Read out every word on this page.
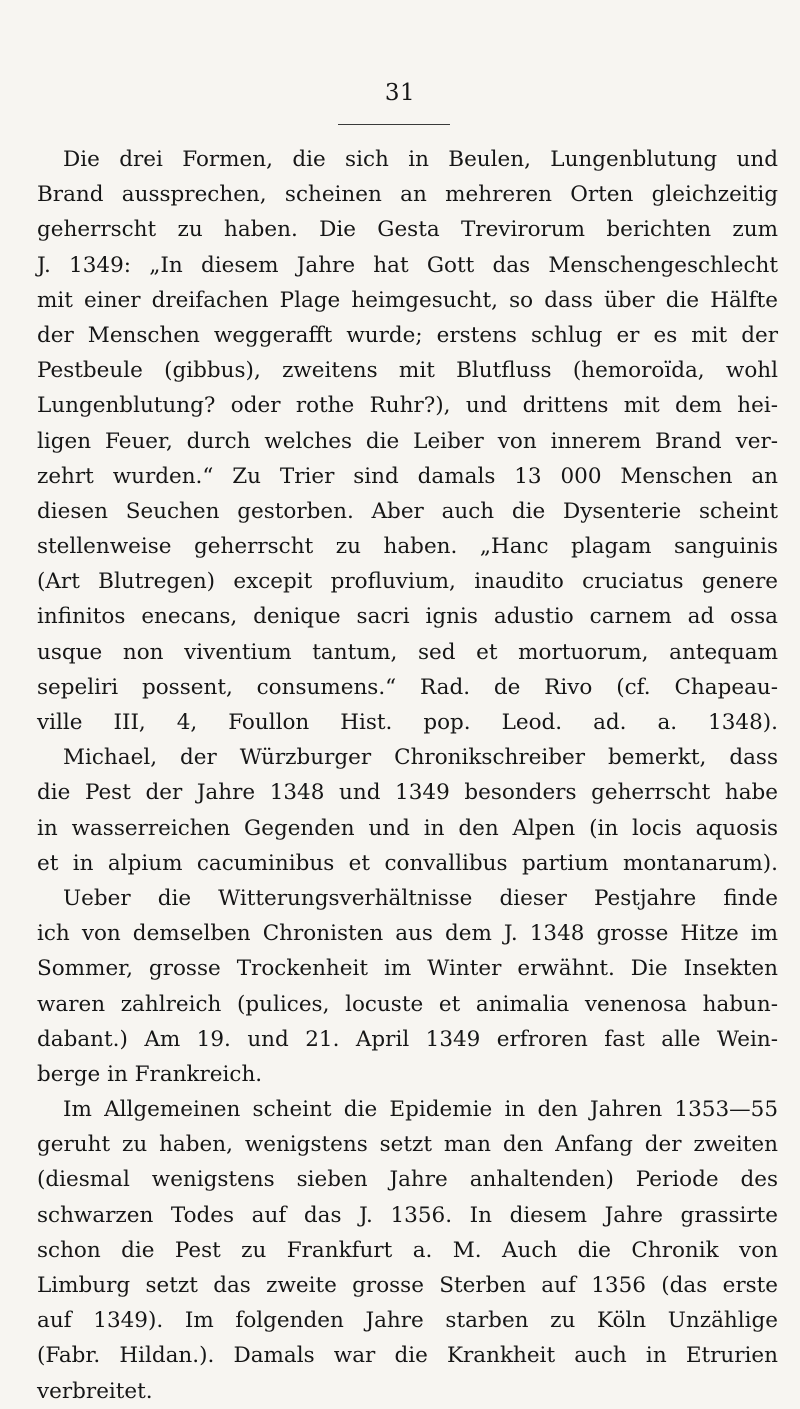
31
Die drei Formen, die sich in Beulen, Lungenblutung und
Brand aussprechen, scheinen an mehreren Orten gleichzeitig
geherrscht zu haben. Die Gesta Trevirorum berichten zum
J. 1349: „In diesem Jahre hat Gott das Menschengeschlecht
mit einer dreifachen Plage heimgesucht, so dass über die Hälfte
der Menschen weggerafft wurde; erstens schlug er es mit der
Pestbeule (gibbus), zweitens mit Blutfluss (hemoroïda, wohl
Lungenblutung? oder rothe Ruhr?), und drittens mit dem hei-
ligen Feuer, durch welches die Leiber von innerem Brand ver-
zehrt wurden.“ Zu Trier sind damals 13 000 Menschen an
diesen Seuchen gestorben. Aber auch die Dysenterie scheint
stellenweise geherrscht zu haben. „Hanc plagam sanguinis
(Art Blutregen) excepit profluvium, inaudito cruciatus genere
infinitos enecans, denique sacri ignis adustio carnem ad ossa
usque non viventium tantum, sed et mortuorum, antequam
sepeliri possent, consumens.“ Rad. de Rivo (cf. Chapeau-
ville III, 4, Foullon Hist. pop. Leod. ad. a. 1348).
Michael, der Würzburger Chronikschreiber bemerkt, dass
die Pest der Jahre 1348 und 1349 besonders geherrscht habe
in wasserreichen Gegenden und in den Alpen (in locis aquosis
et in alpium cacuminibus et convallibus partium montanarum).
Ueber die Witterungsverhältnisse dieser Pestjahre finde
ich von demselben Chronisten aus dem J. 1348 grosse Hitze im
Sommer, grosse Trockenheit im Winter erwähnt. Die Insekten
waren zahlreich (pulices, locuste et animalia venenosa habun-
dabant.) Am 19. und 21. April 1349 erfroren fast alle Wein-
berge in Frankreich.
Im Allgemeinen scheint die Epidemie in den Jahren 1353—55
geruht zu haben, wenigstens setzt man den Anfang der zweiten
(diesmal wenigstens sieben Jahre anhaltenden) Periode des
schwarzen Todes auf das J. 1356. In diesem Jahre grassirte
schon die Pest zu Frankfurt a. M. Auch die Chronik von
Limburg setzt das zweite grosse Sterben auf 1356 (das erste
auf 1349). Im folgenden Jahre starben zu Köln Unzählige
(Fabr. Hildan.). Damals war die Krankheit auch in Etrurien
verbreitet.
